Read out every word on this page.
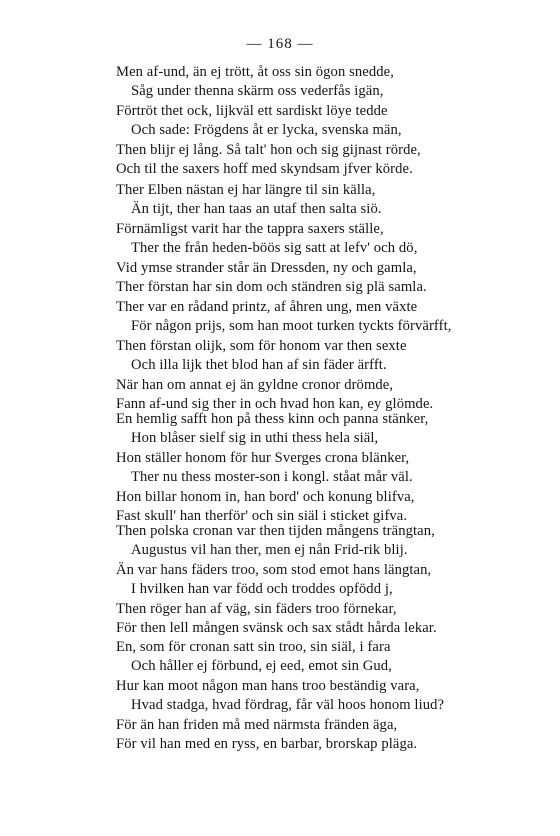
— 168 —
Men af-und, än ej trött, åt oss sin ögon snedde,
Såg under thenna skärm oss vederfås igän,
Förtröt thet ock, lijkväl ett sardiskt löye tedde
Och sade: Frögdens åt er lycka, svenska män,
Then blijr ej lång. Så talt' hon och sig gijnast rörde,
Och til the saxers hoff med skyndsam jfver körde.
Ther Elben nästan ej har längre til sin källa,
Än tijt, ther han taas an utaf then salta siö.
Förnämligst varit har the tappra saxers ställe,
Ther the från heden-böös sig satt at lefv' och dö,
Vid ymse strander står än Dressden, ny och gamla,
Ther förstan har sin dom och ständren sig plä samla.
Ther var en rådand printz, af åhren ung, men växte
För någon prijs, som han moot turken tyckts förvärfft,
Then förstan olijk, som för honom var then sexte
Och illa lijk thet blod han af sin fäder ärfft.
När han om annat ej än gyldne cronor drömde,
Fann af-und sig ther in och hvad hon kan, ey glömde.
En hemlig safft hon på thess kinn och panna stänker,
Hon blåser sielf sig in uthi thess hela siäl,
Hon ställer honom för hur Sverges crona blänker,
Ther nu thess moster-son i kongl. ståat mår väl.
Hon billar honom in, han bord' och konung blifva,
Fast skull' han therför' och sin siäl i sticket gifva.
Then polska cronan var then tijden mångens trängtan,
Augustus vil han ther, men ej nån Frid-rik blij.
Än var hans fäders troo, som stod emot hans längtan,
I hvilken han var född och troddes opfödd j,
Then röger han af väg, sin fäders troo förnekar,
För then lell mången svänsk och sax stådt hårda lekar.
En, som för cronan satt sin troo, sin siäl, i fara
Och håller ej förbund, ej eed, emot sin Gud,
Hur kan moot någon man hans troo beständig vara,
Hvad stadga, hvad fördrag, får väl hoos honom liud?
För än han friden må med närmsta fränden äga,
För vil han med en ryss, en barbar, brorskap pläga.
